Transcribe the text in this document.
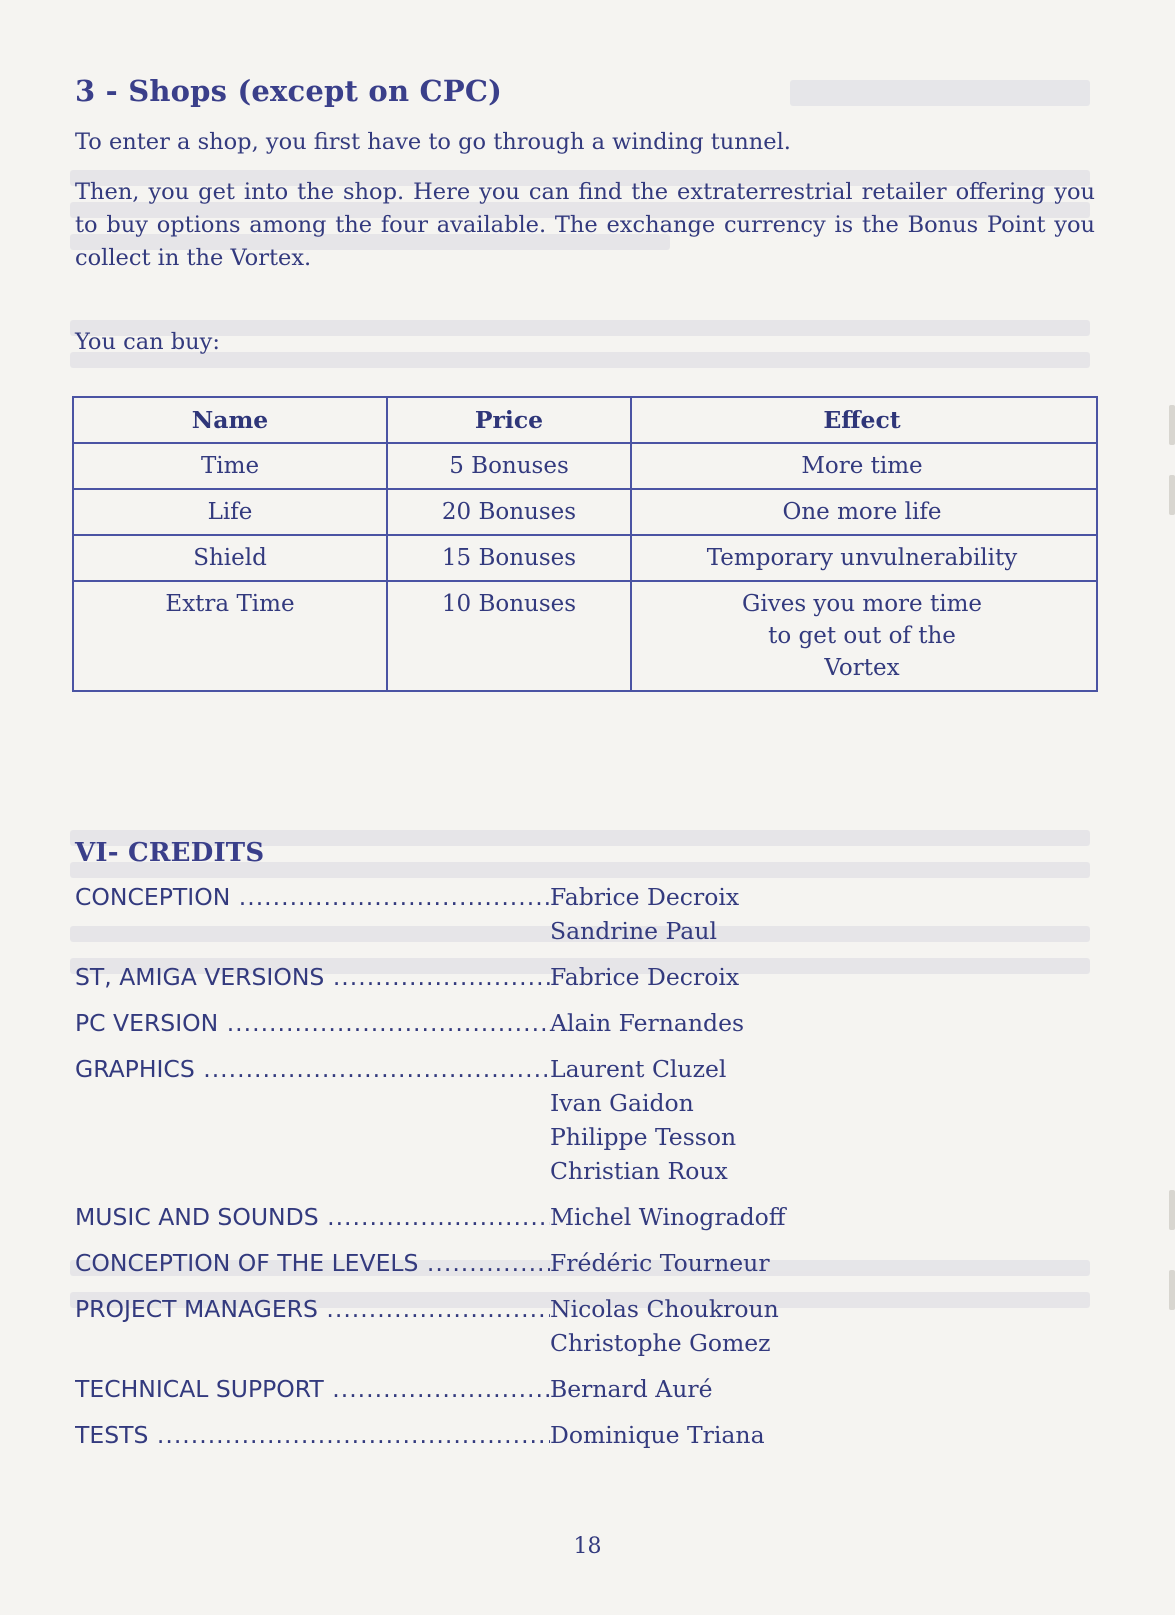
3 - Shops (except on CPC)

To enter a shop, you first have to go through a winding tunnel.

Then, you get into the shop. Here you can find the extraterrestrial retailer offering you to buy options among the four available. The exchange currency is the Bonus Point you collect in the Vortex.

You can buy:

Name	Price	Effect
Time	5 Bonuses	More time
Life	20 Bonuses	One more life
Shield	15 Bonuses	Temporary unvulnerability
Extra Time	10 Bonuses	Gives you more time to get out of the Vortex
VI- CREDITS
CONCEPTION .....	Fabrice Decroix
Sandrine Paul
ST, AMIGA VERSIONS .....	Fabrice Decroix
PC VERSION .....	Alain Fernandes
GRAPHICS .....	Laurent Cluzel
Ivan Gaidon
Philippe Tesson
Christian Roux
MUSIC AND SOUNDS .....	Michel Winogradoff
CONCEPTION OF THE LEVELS .....	Frédéric Tourneur
PROJECT MANAGERS .....	Nicolas Choukroun
Christophe Gomez
TECHNICAL SUPPORT .....	Bernard Auré
TESTS .....	Dominique Triana
18
